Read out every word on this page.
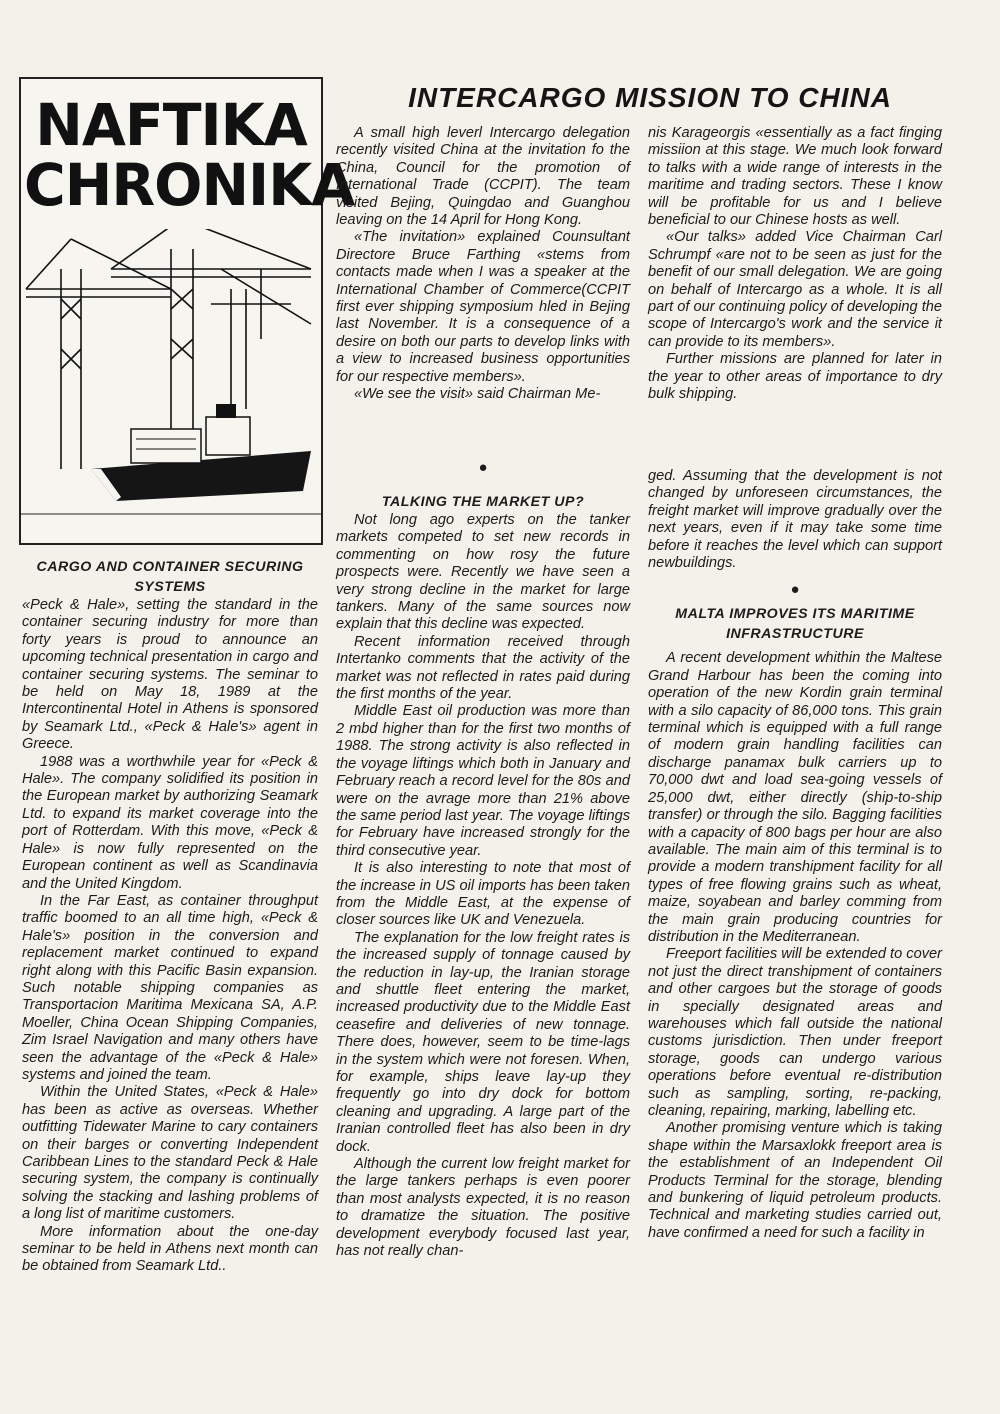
NAFTIKA
CHRONIKA
INTERCARGO MISSION TO CHINA

A small high leverl Intercargo delegation recently visited China at the invitation fo the China, Council for the promotion of International Trade (CCPIT). The team visited Bejing, Quingdao and Guanghou leaving on the 14 April for Hong Kong.

«The invitation» explained Counsultant Directore Bruce Farthing «stems from contacts made when I was a speaker at the International Chamber of Commerce(CCPIT first ever shipping symposium hled in Bejing last November. It is a consequence of a desire on both our parts to develop links with a view to increased business opportunities for our respective members».

«We see the visit» said Chairman Me-

nis Karageorgis «essentially as a fact finging missiion at this stage. We much look forward to talks with a wide range of interests in the maritime and trading sectors. These I know will be profitable for us and I believe beneficial to our Chinese hosts as well.

«Our talks» added Vice Chairman Carl Schrumpf «are not to be seen as just for the benefit of our small delegation. We are going on behalf of Intercargo as a whole. It is all part of our continuing policy of developing the scope of Intercargo's work and the service it can provide to its members».

Further missions are planned for later in the year to other areas of importance to dry bulk shipping.

CARGO AND CONTAINER SECURING SYSTEMS

«Peck & Hale», setting the standard in the container securing industry for more than forty years is proud to announce an upcoming technical presentation in cargo and container securing systems. The seminar to be held on May 18, 1989 at the Intercontinental Hotel in Athens is sponsored by Seamark Ltd., «Peck & Hale's» agent in Greece.

1988 was a worthwhile year for «Peck & Hale». The company solidified its position in the European market by authorizing Seamark Ltd. to expand its market coverage into the port of Rotterdam. With this move, «Peck & Hale» is now fully represented on the European continent as well as Scandinavia and the United Kingdom.

In the Far East, as container throughput traffic boomed to an all time high, «Peck & Hale's» position in the conversion and replacement market continued to expand right along with this Pacific Basin expansion. Such notable shipping companies as Transportacion Maritima Mexicana SA, A.P. Moeller, China Ocean Shipping Companies, Zim Israel Navigation and many others have seen the advantage of the «Peck & Hale» systems and joined the team.

Within the United States, «Peck & Hale» has been as active as overseas. Whether outfitting Tidewater Marine to cary containers on their barges or converting Independent Caribbean Lines to the standard Peck & Hale securing system, the company is continually solving the stacking and lashing problems of a long list of maritime customers.

More information about the one-day seminar to be held in Athens next month can be obtained from Seamark Ltd..

●
TALKING THE MARKET UP?

Not long ago experts on the tanker markets competed to set new records in commenting on how rosy the future prospects were. Recently we have seen a very strong decline in the market for large tankers. Many of the same sources now explain that this decline was expected.

Recent information received through Intertanko comments that the activity of the market was not reflected in rates paid during the first months of the year.

Middle East oil production was more than 2 mbd higher than for the first two months of 1988. The strong activity is also reflected in the voyage liftings which both in January and February reach a record level for the 80s and were on the avrage more than 21% above the same period last year. The voyage liftings for February have increased strongly for the third consecutive year.

It is also interesting to note that most of the increase in US oil imports has been taken from the Middle East, at the expense of closer sources like UK and Venezuela.

The explanation for the low freight rates is the increased supply of tonnage caused by the reduction in lay-up, the Iranian storage and shuttle fleet entering the market, increased productivity due to the Middle East ceasefire and deliveries of new tonnage. There does, however, seem to be time-lags in the system which were not foresen. When, for example, ships leave lay-up they frequently go into dry dock for bottom cleaning and upgrading. A large part of the Iranian controlled fleet has also been in dry dock.

Although the current low freight market for the large tankers perhaps is even poorer than most analysts expected, it is no reason to dramatize the situation. The positive development everybody focused last year, has not really chan-

ged. Assuming that the development is not changed by unforeseen circumstances, the freight market will improve gradually over the next years, even if it may take some time before it reaches the level which can support newbuildings.

●
MALTA IMPROVES ITS MARITIME INFRASTRUCTURE

A recent development whithin the Maltese Grand Harbour has been the coming into operation of the new Kordin grain terminal with a silo capacity of 86,000 tons. This grain terminal which is equipped with a full range of modern grain handling facilities can discharge panamax bulk carriers up to 70,000 dwt and load sea-going vessels of 25,000 dwt, either directly (ship-to-ship transfer) or through the silo. Bagging facilities with a capacity of 800 bags per hour are also available. The main aim of this terminal is to provide a modern transhipment facility for all types of free flowing grains such as wheat, maize, soyabean and barley comming from the main grain producing countries for distribution in the Mediterranean.

Freeport facilities will be extended to cover not just the direct transhipment of containers and other cargoes but the storage of goods in specially designated areas and warehouses which fall outside the national customs jurisdiction. Then under freeport storage, goods can undergo various operations before eventual re-distribution such as sampling, sorting, re-packing, cleaning, repairing, marking, labelling etc.

Another promising venture which is taking shape within the Marsaxlokk freeport area is the establishment of an Independent Oil Products Terminal for the storage, blending and bunkering of liquid petroleum products. Technical and marketing studies carried out, have confirmed a need for such a facility in
